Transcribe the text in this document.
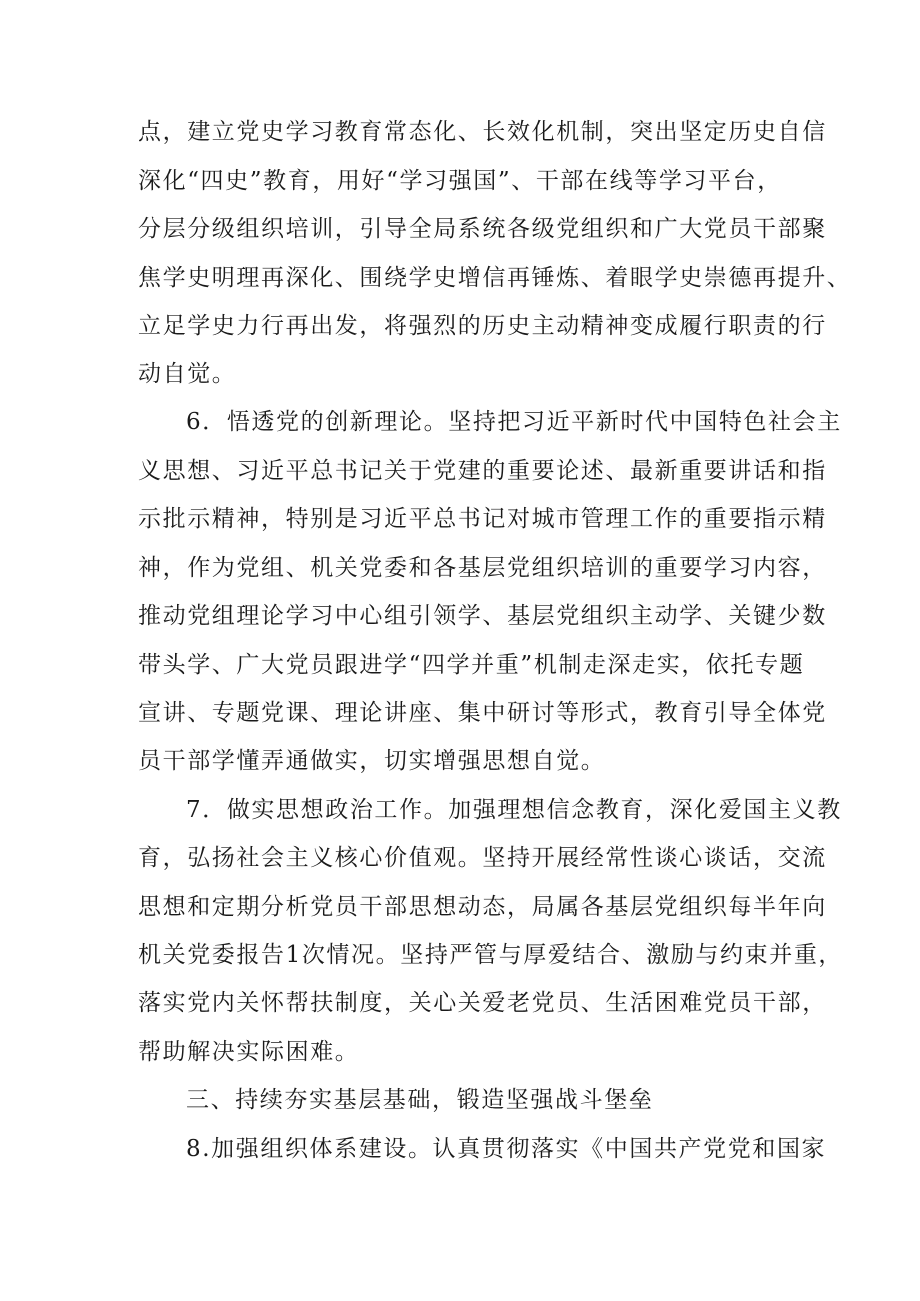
点，建立党史学习教育常态化、长效化机制，突出坚定历史自信
深化“四史”教育，用好“学习强国”、干部在线等学习平台，
分层分级组织培训，引导全局系统各级党组织和广大党员干部聚
焦学史明理再深化、围绕学史增信再锤炼、着眼学史崇德再提升、
立足学史力行再出发，将强烈的历史主动精神变成履行职责的行
动自觉。
6．悟透党的创新理论。坚持把习近平新时代中国特色社会主
义思想、习近平总书记关于党建的重要论述、最新重要讲话和指
示批示精神，特别是习近平总书记对城市管理工作的重要指示精
神，作为党组、机关党委和各基层党组织培训的重要学习内容，
推动党组理论学习中心组引领学、基层党组织主动学、关键少数
带头学、广大党员跟进学“四学并重”机制走深走实，依托专题
宣讲、专题党课、理论讲座、集中研讨等形式，教育引导全体党
员干部学懂弄通做实，切实增强思想自觉。
7．做实思想政治工作。加强理想信念教育，深化爱国主义教
育，弘扬社会主义核心价值观。坚持开展经常性谈心谈话，交流
思想和定期分析党员干部思想动态，局属各基层党组织每半年向
机关党委报告1次情况。坚持严管与厚爱结合、激励与约束并重，
落实党内关怀帮扶制度，关心关爱老党员、生活困难党员干部，
帮助解决实际困难。
三、持续夯实基层基础，锻造坚强战斗堡垒
8.加强组织体系建设。认真贯彻落实《中国共产党党和国家
